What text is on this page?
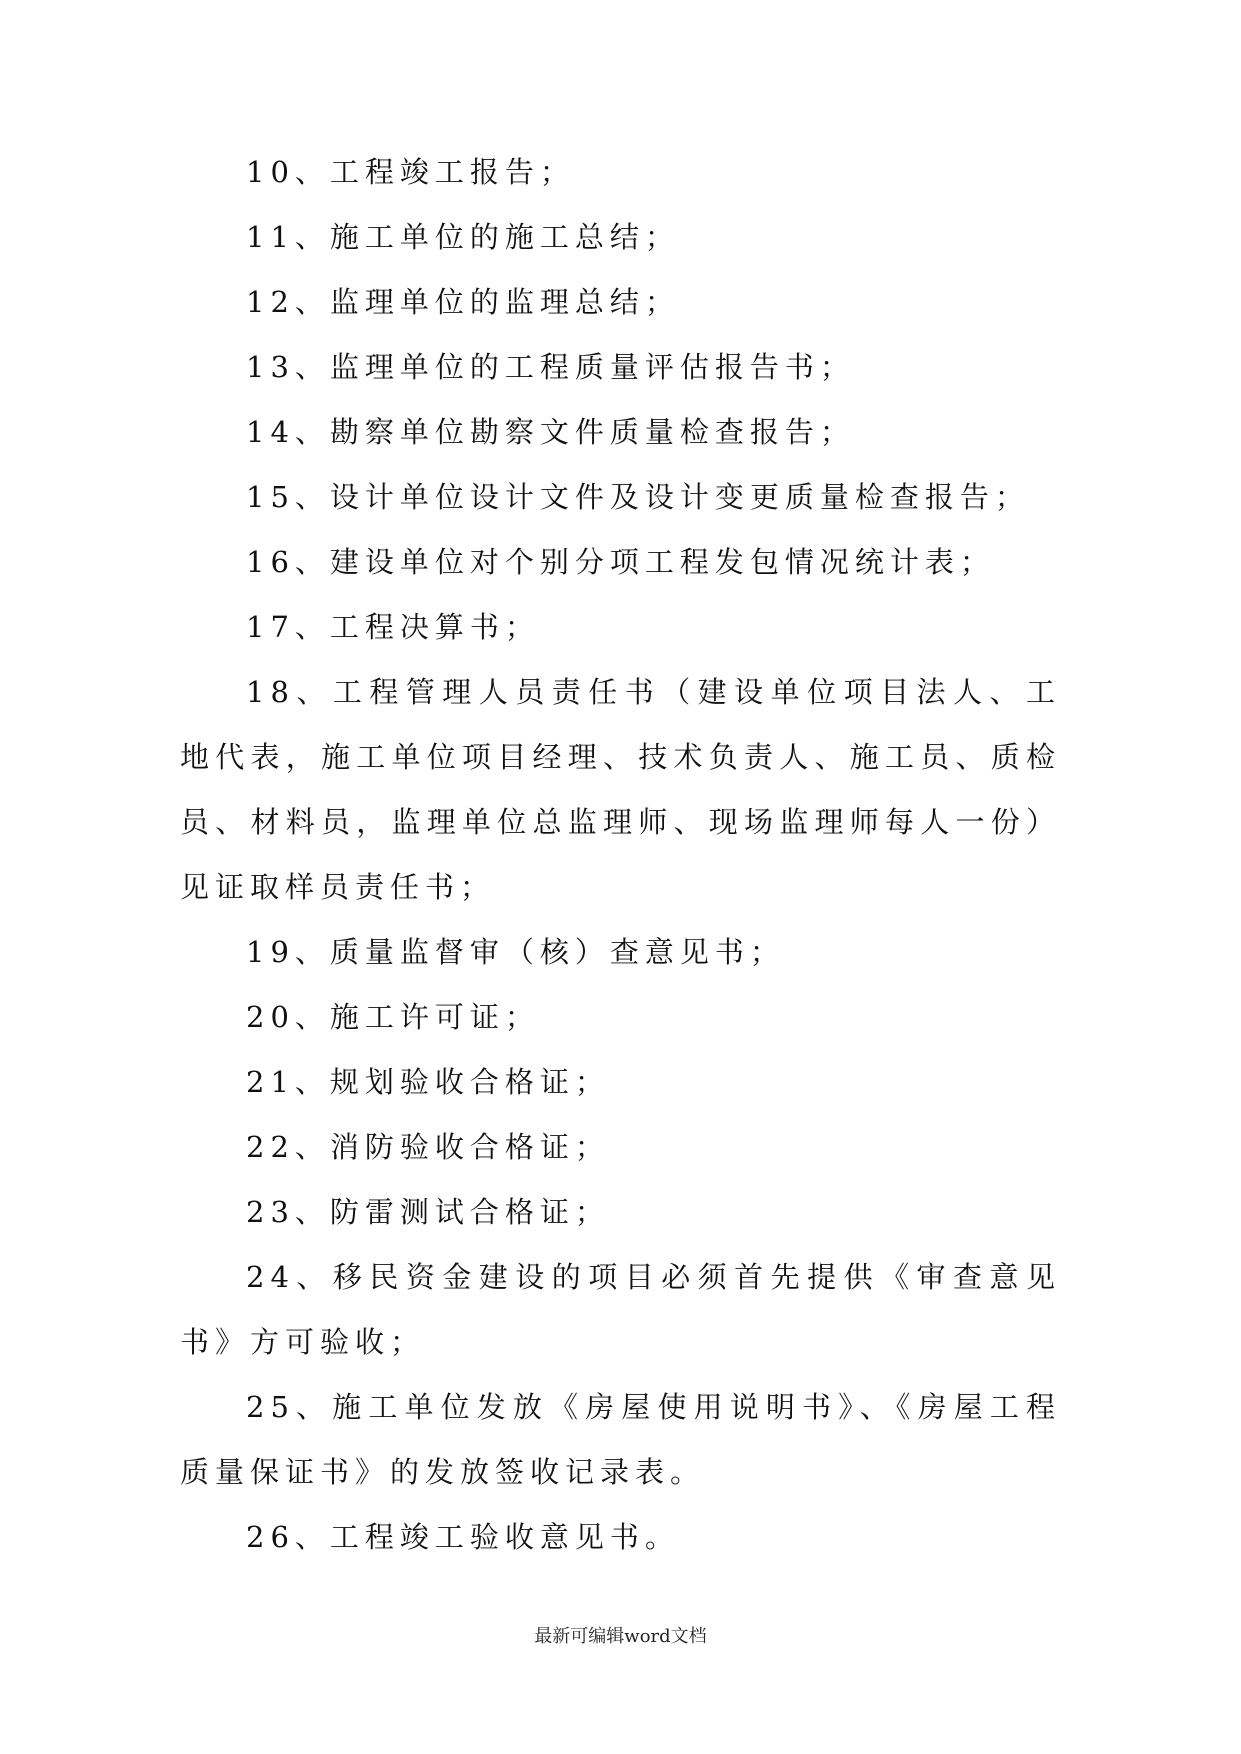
10、工程竣工报告；

11、施工单位的施工总结；

12、监理单位的监理总结；

13、监理单位的工程质量评估报告书；

14、勘察单位勘察文件质量检查报告；

15、设计单位设计文件及设计变更质量检查报告；

16、建设单位对个别分项工程发包情况统计表；

17、工程决算书；

18、工程管理人员责任书（建设单位项目法人、工地代表，施工单位项目经理、技术负责人、施工员、质检员、材料员，监理单位总监理师、现场监理师每人一份）见证取样员责任书；

19、质量监督审（核）查意见书；

20、施工许可证；

21、规划验收合格证；

22、消防验收合格证；

23、防雷测试合格证；

24、移民资金建设的项目必须首先提供《审查意见书》方可验收；

25、施工单位发放《房屋使用说明书》、《房屋工程质量保证书》的发放签收记录表。

26、工程竣工验收意见书。

最新可编辑word文档
